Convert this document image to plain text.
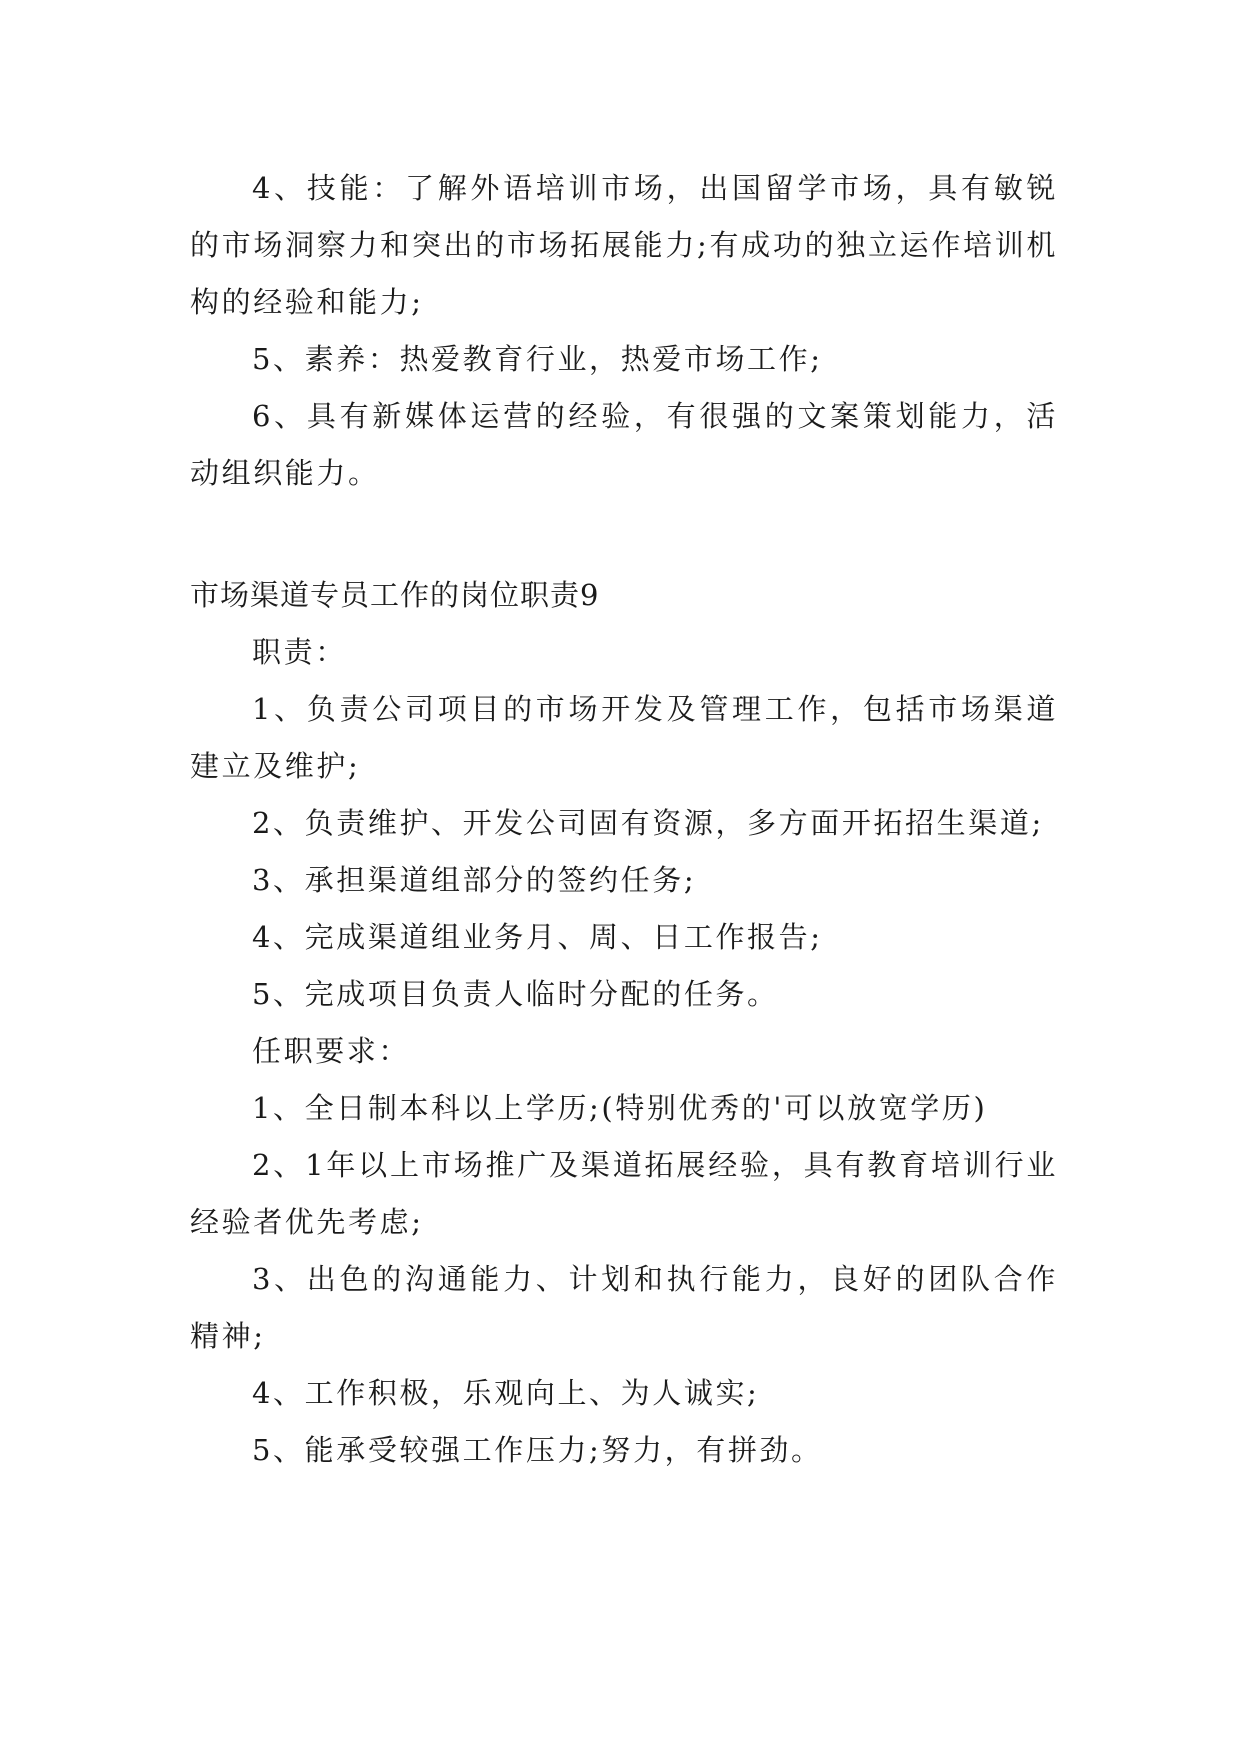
4、技能：了解外语培训市场，出国留学市场，具有敏锐的市场洞察力和突出的市场拓展能力;有成功的独立运作培训机构的经验和能力;

5、素养：热爱教育行业，热爱市场工作;

6、具有新媒体运营的经验，有很强的文案策划能力，活动组织能力。

市场渠道专员工作的岗位职责9

职责：

1、负责公司项目的市场开发及管理工作，包括市场渠道建立及维护;

2、负责维护、开发公司固有资源，多方面开拓招生渠道;

3、承担渠道组部分的签约任务;

4、完成渠道组业务月、周、日工作报告;

5、完成项目负责人临时分配的任务。

任职要求：

1、全日制本科以上学历;(特别优秀的'可以放宽学历)

2、1年以上市场推广及渠道拓展经验，具有教育培训行业经验者优先考虑;

3、出色的沟通能力、计划和执行能力，良好的团队合作精神;

4、工作积极，乐观向上、为人诚实;

5、能承受较强工作压力;努力，有拼劲。
